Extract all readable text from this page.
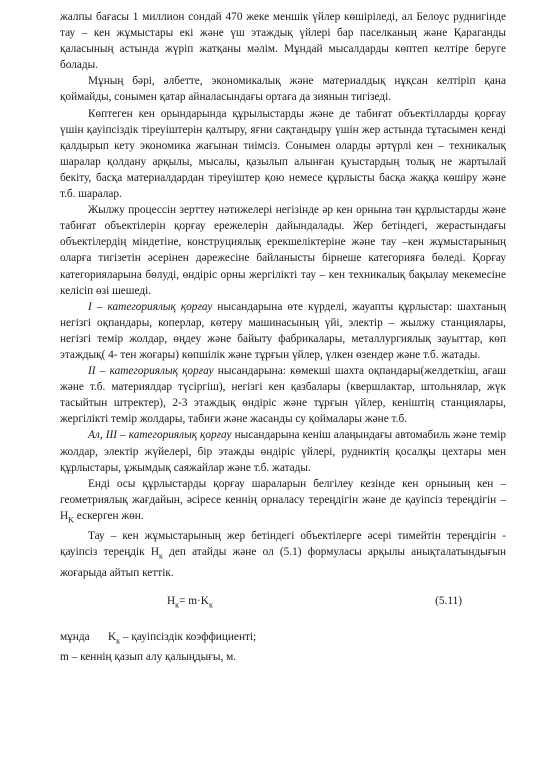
жалпы бағасы 1 миллион сондай 470 жеке меншік үйлер көшіріледі, ал Белоус руднигінде тау – кен жұмыстары екі және үш этаждық үйлері бар паселканың және Қараганды қаласының астында жүріп жатқаны мәлім. Мұндай мысалдарды көптеп келтіре беруге болады.

Мұның бәрі, әлбетте, экономикалық және материалдық нұқсан келтіріп қана қоймайды, сонымен қатар айналасындағы ортаға да зиянын тигізеді.

Көптеген кен орындарында құрылыстарды және де табиғат объектілларды қорғау үшін қауіпсіздік тіреуіштерін қалтыру, яғни сақтандыру үшін жер астында тұтасымен кенді қалдырып кету экономика жағынан тиімсіз. Сонымен оларды әртүрлі кен – техникалық шаралар қолдану арқылы, мысалы, қазылып алынған қуыстардың толық не жартылай бекіту, басқа материалдардан тіреуіштер қою немесе құрлысты басқа жаққа көшіру және т.б. шаралар.

Жылжу процессін зерттеу нәтижелері негізінде әр кен орнына тән құрлыстарды және табиғат объектілерін қорғау ережелерін дайындалады. Жер бетіндегі, жерастындағы объектілердің міндетіне, конструциялық ерекшеліктеріне және тау –кен жұмыстарының оларға тигізетін әсерінен дәрежесіне байланысты бірнеше категорияға бөледі. Қорғау категорияларына бөлуді, өндіріс орны жергілікті тау – кен техникалық бақылау мекемесіне келісіп өзі шешеді.

І – категориялық қорғау нысандарына өте күрделі, жауапты құрлыстар: шахтаның негізгі оқпандары, коперлар, көтеру машинасының үйі, электір – жылжу станциялары, негізгі темір жолдар, өңдеу және байыту фабрикалары, металлургиялық зауыттар, көп этаждық( 4- тен жоғары) көпшілік және тұрғын үйлер, үлкен өзендер және т.б. жатады.

ІІ – категориялық қорғау нысандарына: көмекші шахта оқпандары(желдеткіш, ағаш және т.б. материялдар түсіргіш), негізгі кен қазбалары (квершлактар, штольнялар, жүк тасыйтын штректер), 2-3 этаждық өндіріс және тұрғын үйлер, кеніштің станциялары, жергілікті темір жолдары, табиғи және жасанды су қоймалары және т.б.

Ал, ІІІ – категориялық қорғау нысандарына кеніш алаңындағы автомабиль және темір жолдар, электір жүйелері, бір этажды өндіріс үйлері, рудниктің қосалқы цехтары мен құрлыстары, ұжымдық саяжайлар және т.б. жатады.

Енді осы құрлыстарды қорғау шараларын белгілеу кезінде кен орнының кен – геометриялық жағдайын, әсіресе кеннің орналасу тереңдігін және де қауіпсіз тереңдігін – $H_K$ ескерген жөн.

Тау – кен жұмыстарының жер бетіндегі объектілерге әсері тимейтін тереңдігін - қауіпсіз тереңдік $H_к$ деп атайды және ол (5.1) формуласы арқылы анықталатындығын жоғарыда айтып кеттік.

$H_к= m\cdot K_к$	(5.11)

мұнда $K_к$ – қауіпсіздік коэффициенті;

m – кеннің қазып алу қалыңдығы, м.
